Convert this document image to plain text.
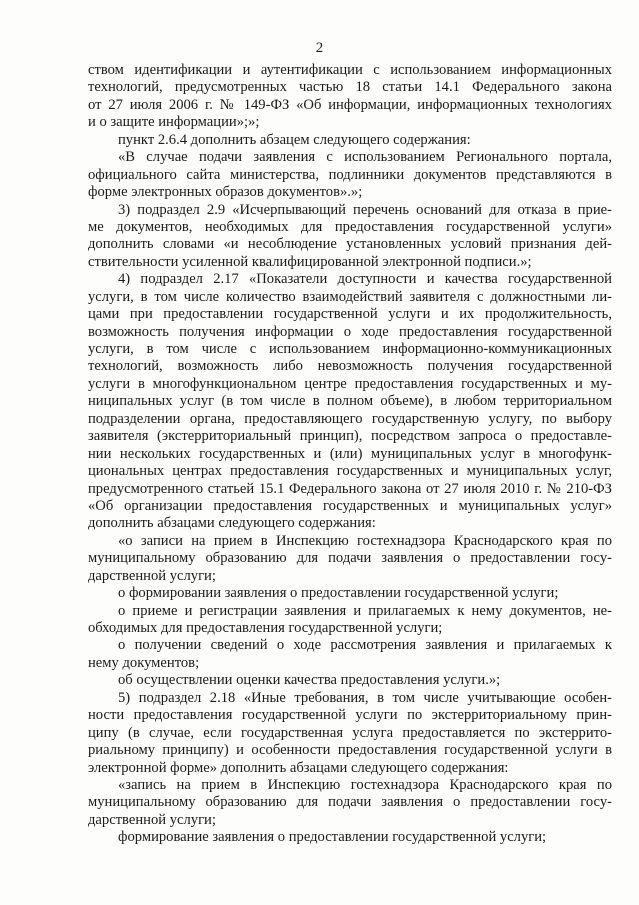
2
ством идентификации и аутентификации с использованием информационных
технологий, предусмотренных частью 18 статьи 14.1 Федерального закона
от 27 июля 2006 г. № 149-ФЗ «Об информации, информационных технологиях
и о защите информации»;»;
пункт 2.6.4 дополнить абзацем следующего содержания:
«В случае подачи заявления с использованием Регионального портала,
официального сайта министерства, подлинники документов представляются в
форме электронных образов документов».»;
3) подраздел 2.9 «Исчерпывающий перечень оснований для отказа в прие-
ме документов, необходимых для предоставления государственной услуги»
дополнить словами «и несоблюдение установленных условий признания дей-
ствительности усиленной квалифицированной электронной подписи.»;
4) подраздел 2.17 «Показатели доступности и качества государственной
услуги, в том числе количество взаимодействий заявителя с должностными ли-
цами при предоставлении государственной услуги и их продолжительность,
возможность получения информации о ходе предоставления государственной
услуги, в том числе с использованием информационно-коммуникационных
технологий, возможность либо невозможность получения государственной
услуги в многофункциональном центре предоставления государственных и му-
ниципальных услуг (в том числе в полном объеме), в любом территориальном
подразделении органа, предоставляющего государственную услугу, по выбору
заявителя (экстерриториальный принцип), посредством запроса о предоставле-
нии нескольких государственных и (или) муниципальных услуг в многофунк-
циональных центрах предоставления государственных и муниципальных услуг,
предусмотренного статьей 15.1 Федерального закона от 27 июля 2010 г. № 210-ФЗ
«Об организации предоставления государственных и муниципальных услуг»
дополнить абзацами следующего содержания:
«о записи на прием в Инспекцию гостехнадзора Краснодарского края по
муниципальному образованию для подачи заявления о предоставлении госу-
дарственной услуги;
о формировании заявления о предоставлении государственной услуги;
о приеме и регистрации заявления и прилагаемых к нему документов, не-
обходимых для предоставления государственной услуги;
о получении сведений о ходе рассмотрения заявления и прилагаемых к
нему документов;
об осуществлении оценки качества предоставления услуги.»;
5) подраздел 2.18 «Иные требования, в том числе учитывающие особен-
ности предоставления государственной услуги по экстерриториальному прин-
ципу (в случае, если государственная услуга предоставляется по экстеррито-
риальному принципу) и особенности предоставления государственной услуги в
электронной форме» дополнить абзацами следующего содержания:
«запись на прием в Инспекцию гостехнадзора Краснодарского края по
муниципальному образованию для подачи заявления о предоставлении госу-
дарственной услуги;
формирование заявления о предоставлении государственной услуги;
